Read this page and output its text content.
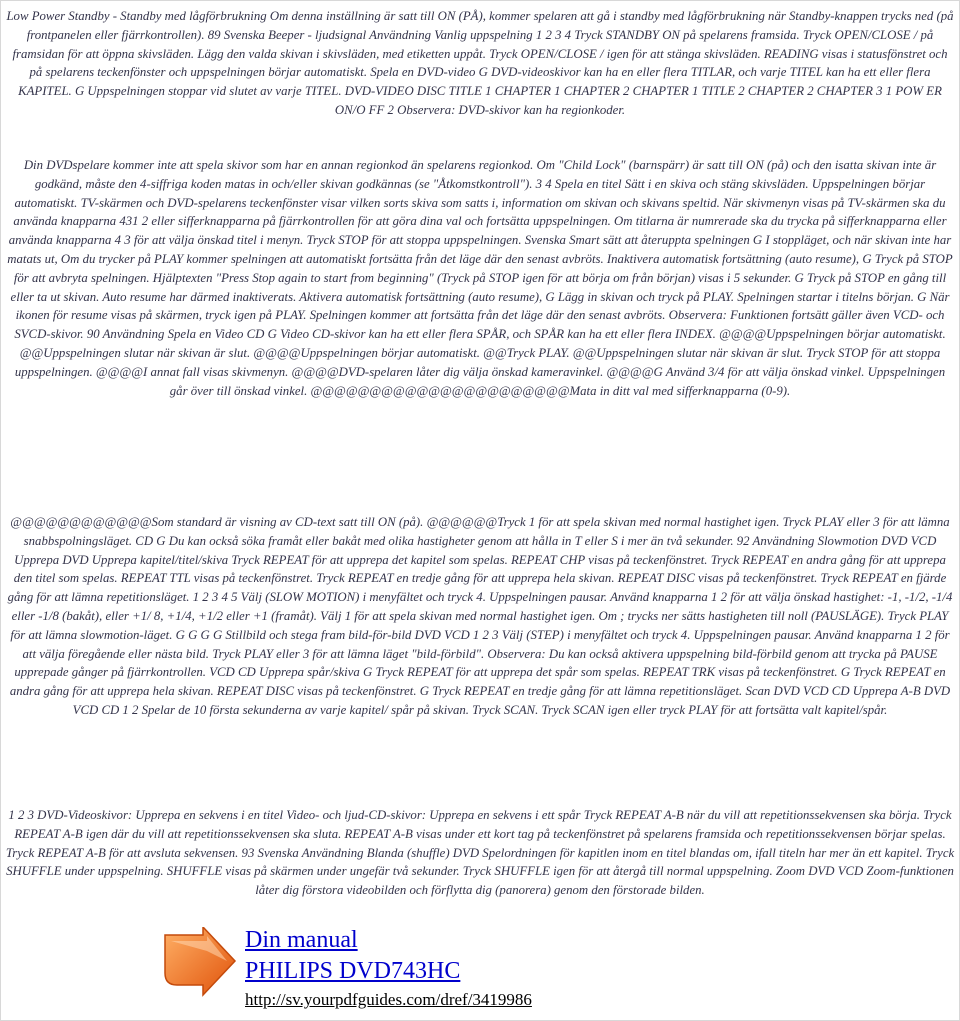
Low Power Standby - Standby med lågförbrukning Om denna inställning är satt till ON (PÅ), kommer spelaren att gå i standby med lågförbrukning när Standby-knappen trycks ned (på frontpanelen eller fjärrkontrollen). 89 Svenska Beeper - ljudsignal Användning Vanlig uppspelning 1 2 3 4 Tryck STANDBY ON på spelarens framsida. Tryck OPEN/CLOSE / på framsidan för att öppna skivsläden. Lägg den valda skivan i skivsläden, med etiketten uppåt. Tryck OPEN/CLOSE / igen för att stänga skivsläden. READING visas i statusfönstret och på spelarens teckenfönster och uppspelningen börjar automatiskt. Spela en DVD-video G DVD-videoskivor kan ha en eller flera TITLAR, och varje TITEL kan ha ett eller flera KAPITEL. G Uppspelningen stoppar vid slutet av varje TITEL. DVD-VIDEO DISC TITLE 1 CHAPTER 1 CHAPTER 2 CHAPTER 1 TITLE 2 CHAPTER 2 CHAPTER 3 1 POW ER ON/O FF 2 Observera: DVD-skivor kan ha regionkoder.

Din DVDspelare kommer inte att spela skivor som har en annan regionkod än spelarens regionkod. Om "Child Lock" (barnspärr) är satt till ON (på) och den isatta skivan inte är godkänd, måste den 4-siffriga koden matas in och/eller skivan godkännas (se "Åtkomstkontroll"). 3 4 Spela en titel Sätt i en skiva och stäng skivsläden. Uppspelningen börjar automatiskt. TV-skärmen och DVD-spelarens teckenfönster visar vilken sorts skiva som satts i, information om skivan och skivans speltid. När skivmenyn visas på TV-skärmen ska du använda knapparna 431 2 eller sifferknapparna på fjärrkontrollen för att göra dina val och fortsätta uppspelningen. Om titlarna är numrerade ska du trycka på sifferknapparna eller använda knapparna 4 3 för att välja önskad titel i menyn. Tryck STOP för att stoppa uppspelningen. Svenska Smart sätt att återuppta spelningen G I stoppläget, och när skivan inte har matats ut, Om du trycker på PLAY kommer spelningen att automatiskt fortsätta från det läge där den senast avbröts. Inaktivera automatisk fortsättning (auto resume), G Tryck på STOP för att avbryta spelningen. Hjälptexten "Press Stop again to start from beginning" (Tryck på STOP igen för att börja om från början) visas i 5 sekunder. G Tryck på STOP en gång till eller ta ut skivan. Auto resume har därmed inaktiverats. Aktivera automatisk fortsättning (auto resume), G Lägg in skivan och tryck på PLAY. Spelningen startar i titelns början. G När ikonen för resume visas på skärmen, tryck igen på PLAY. Spelningen kommer att fortsätta från det läge där den senast avbröts. Observera: Funktionen fortsätt gäller även VCD- och SVCD-skivor. 90 Användning Spela en Video CD G Video CD-skivor kan ha ett eller flera SPÅR, och SPÅR kan ha ett eller flera INDEX. @@@@Uppspelningen börjar automatiskt. @@Uppspelningen slutar när skivan är slut. @@@@Uppspelningen börjar automatiskt. @@Tryck PLAY. @@Uppspelningen slutar när skivan är slut. Tryck STOP för att stoppa uppspelningen. @@@@I annat fall visas skivmenyn. @@@@DVD-spelaren låter dig välja önskad kameravinkel. @@@@G Använd 3/4 för att välja önskad vinkel. Uppspelningen går över till önskad vinkel. @@@@@@@@@@@@@@@@@@@@@@Mata in ditt val med sifferknapparna (0-9).

@@@@@@@@@@@@Som standard är visning av CD-text satt till ON (på). @@@@@@Tryck 1 för att spela skivan med normal hastighet igen. Tryck PLAY eller 3 för att lämna snabbspolningsläget. CD G Du kan också söka framåt eller bakåt med olika hastigheter genom att hålla in T eller S i mer än två sekunder. 92 Användning Slowmotion DVD VCD Upprepa DVD Upprepa kapitel/titel/skiva Tryck REPEAT för att upprepa det kapitel som spelas. REPEAT CHP visas på teckenfönstret. Tryck REPEAT en andra gång för att upprepa den titel som spelas. REPEAT TTL visas på teckenfönstret. Tryck REPEAT en tredje gång för att upprepa hela skivan. REPEAT DISC visas på teckenfönstret. Tryck REPEAT en fjärde gång för att lämna repetitionsläget. 1 2 3 4 5 Välj (SLOW MOTION) i menyfältet och tryck 4. Uppspelningen pausar. Använd knapparna 1 2 för att välja önskad hastighet: -1, -1/2, -1/4 eller -1/8 (bakåt), eller +1/ 8, +1/4, +1/2 eller +1 (framåt). Välj 1 för att spela skivan med normal hastighet igen. Om ; trycks ner sätts hastigheten till noll (PAUSLÄGE). Tryck PLAY för att lämna slowmotion-läget. G G G G Stillbild och stega fram bild-för-bild DVD VCD 1 2 3 Välj (STEP) i menyfältet och tryck 4. Uppspelningen pausar. Använd knapparna 1 2 för att välja föregående eller nästa bild. Tryck PLAY eller 3 för att lämna läget "bild-förbild". Observera: Du kan också aktivera uppspelning bild-förbild genom att trycka på PAUSE upprepade gånger på fjärrkontrollen. VCD CD Upprepa spår/skiva G Tryck REPEAT för att upprepa det spår som spelas. REPEAT TRK visas på teckenfönstret. G Tryck REPEAT en andra gång för att upprepa hela skivan. REPEAT DISC visas på teckenfönstret. G Tryck REPEAT en tredje gång för att lämna repetitionsläget. Scan DVD VCD CD Upprepa A-B DVD VCD CD 1 2 Spelar de 10 första sekunderna av varje kapitel/ spår på skivan. Tryck SCAN. Tryck SCAN igen eller tryck PLAY för att fortsätta valt kapitel/spår.

1 2 3 DVD-Videoskivor: Upprepa en sekvens i en titel Video- och ljud-CD-skivor: Upprepa en sekvens i ett spår Tryck REPEAT A-B när du vill att repetitionssekvensen ska börja. Tryck REPEAT A-B igen där du vill att repetitionssekvensen ska sluta. REPEAT A-B visas under ett kort tag på teckenfönstret på spelarens framsida och repetitionssekvensen börjar spelas. Tryck REPEAT A-B för att avsluta sekvensen. 93 Svenska Användning Blanda (shuffle) DVD Spelordningen för kapitlen inom en titel blandas om, ifall titeln har mer än ett kapitel. Tryck SHUFFLE under uppspelning. SHUFFLE visas på skärmen under ungefär två sekunder. Tryck SHUFFLE igen för att återgå till normal uppspelning. Zoom DVD VCD Zoom-funktionen låter dig förstora videobilden och förflytta dig (panorera) genom den förstorade bilden.

Din manual
PHILIPS DVD743HC
http://sv.yourpdfguides.com/dref/3419986
